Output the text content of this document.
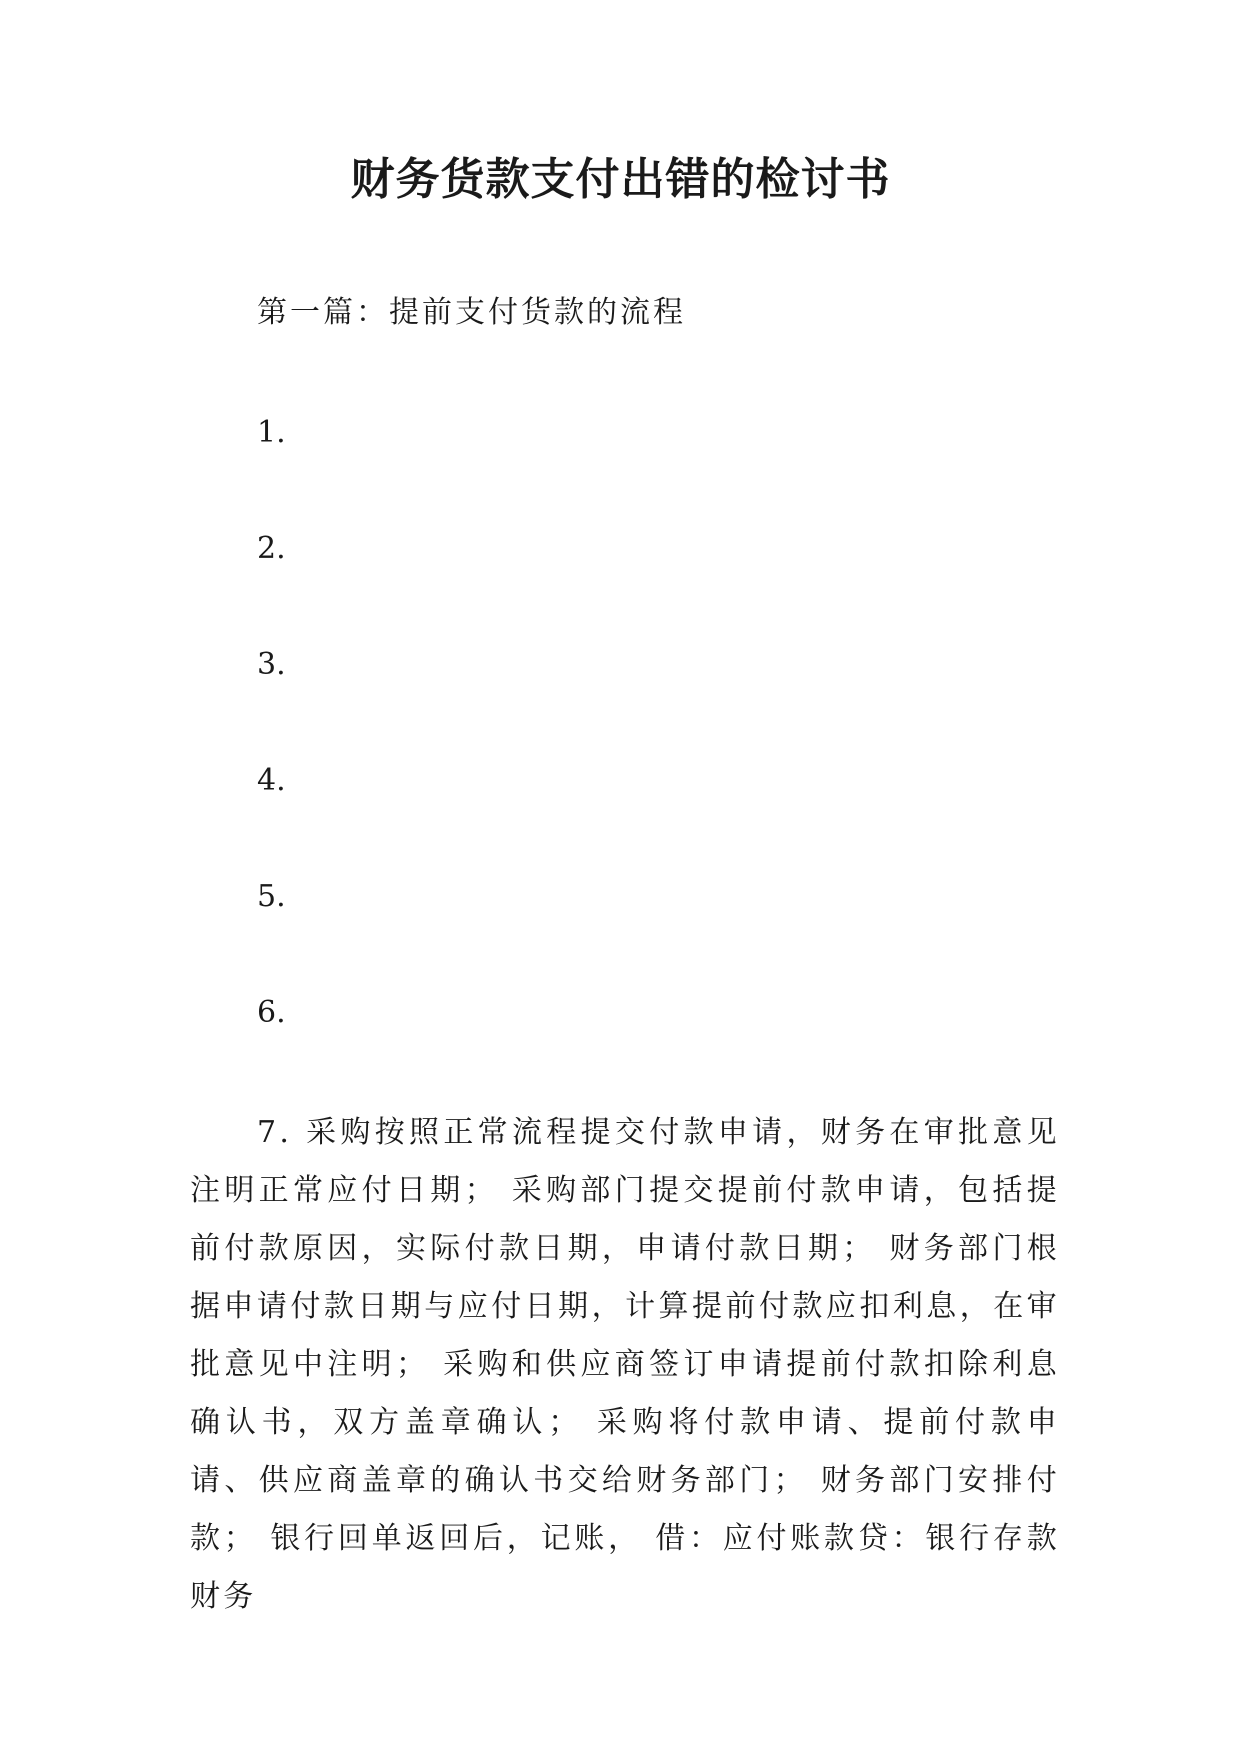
财务货款支付出错的检讨书

第一篇：提前支付货款的流程

1.

2.

3.

4.

5.

6.

7. 采购按照正常流程提交付款申请，财务在审批意见注明正常应付日期； 采购部门提交提前付款申请，包括提前付款原因，实际付款日期，申请付款日期； 财务部门根据申请付款日期与应付日期，计算提前付款应扣利息，在审批意见中注明； 采购和供应商签订申请提前付款扣除利息确认书，双方盖章确认； 采购将付款申请、提前付款申请、供应商盖章的确认书交给财务部门； 财务部门安排付款； 银行回单返回后，记账， 借：应付账款贷：银行存款 财务
